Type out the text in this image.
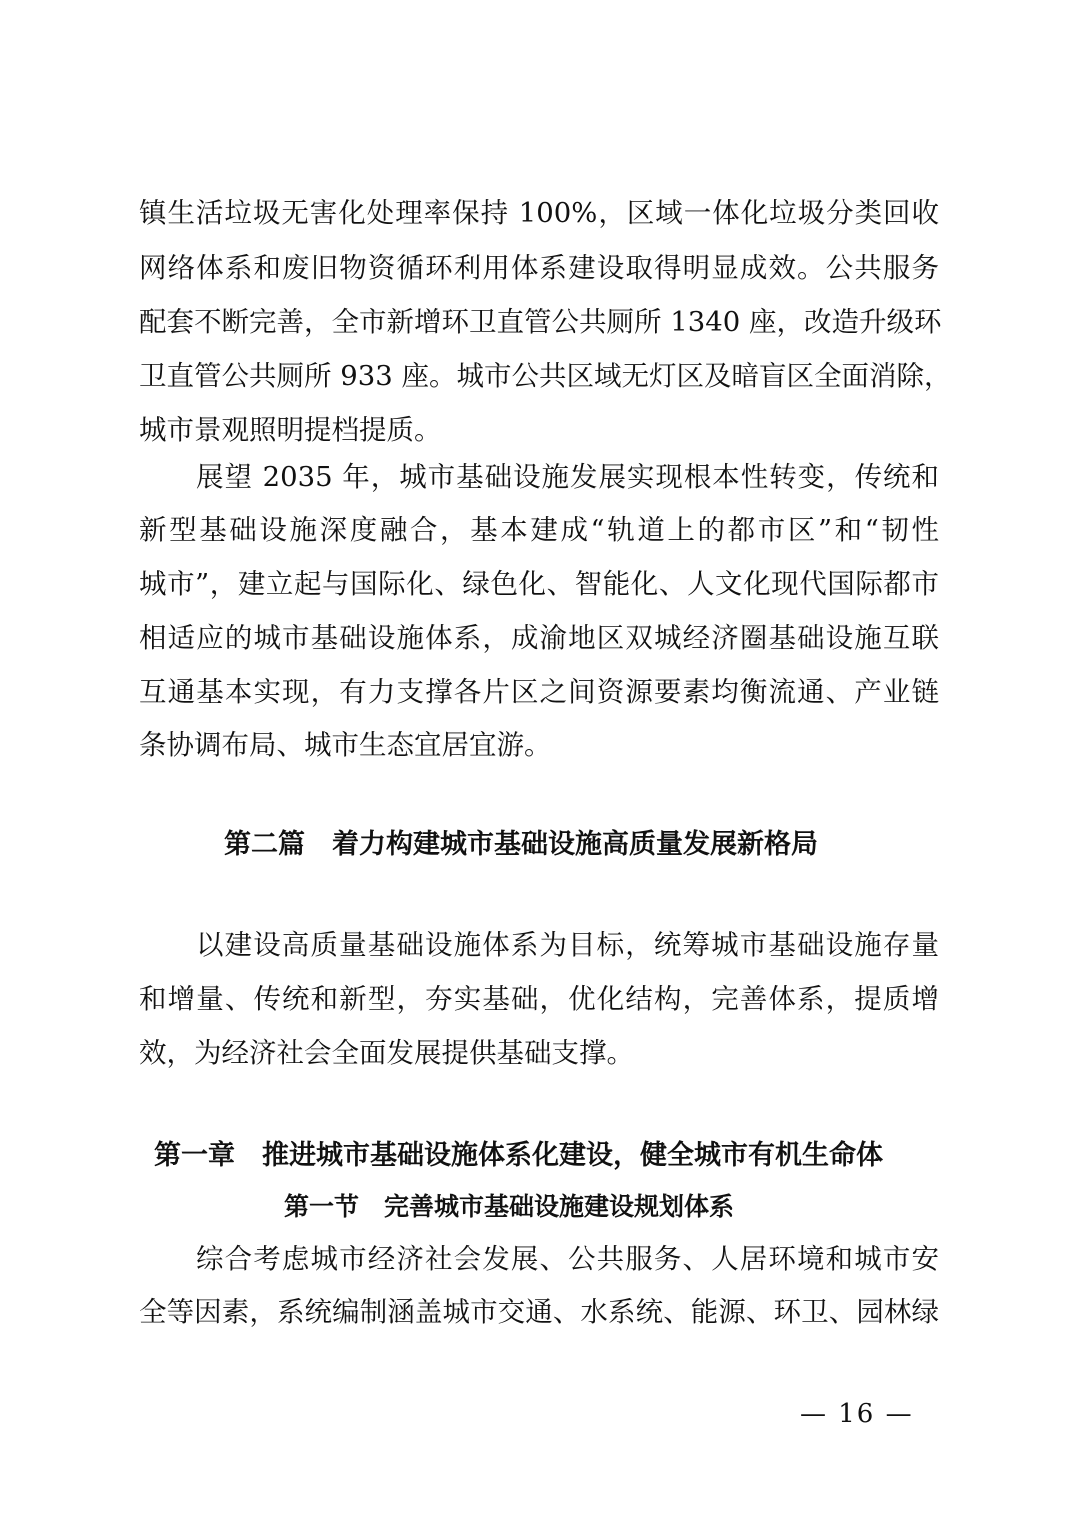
镇生活垃圾无害化处理率保持 100%，区域一体化垃圾分类回收
网络体系和废旧物资循环利用体系建设取得明显成效。公共服务
配套不断完善，全市新增环卫直管公共厕所 1340 座，改造升级环
卫直管公共厕所 933 座。城市公共区域无灯区及暗盲区全面消除，
城市景观照明提档提质。
展望 2035 年，城市基础设施发展实现根本性转变，传统和
新型基础设施深度融合，基本建成“轨道上的都市区”和“韧性
城市”，建立起与国际化、绿色化、智能化、人文化现代国际都市
相适应的城市基础设施体系，成渝地区双城经济圈基础设施互联
互通基本实现，有力支撑各片区之间资源要素均衡流通、产业链
条协调布局、城市生态宜居宜游。
第二篇　着力构建城市基础设施高质量发展新格局
以建设高质量基础设施体系为目标，统筹城市基础设施存量
和增量、传统和新型，夯实基础，优化结构，完善体系，提质增
效，为经济社会全面发展提供基础支撑。
第一章　推进城市基础设施体系化建设，健全城市有机生命体
第一节　完善城市基础设施建设规划体系
综合考虑城市经济社会发展、公共服务、人居环境和城市安
全等因素，系统编制涵盖城市交通、水系统、能源、环卫、园林绿
— 16 —
